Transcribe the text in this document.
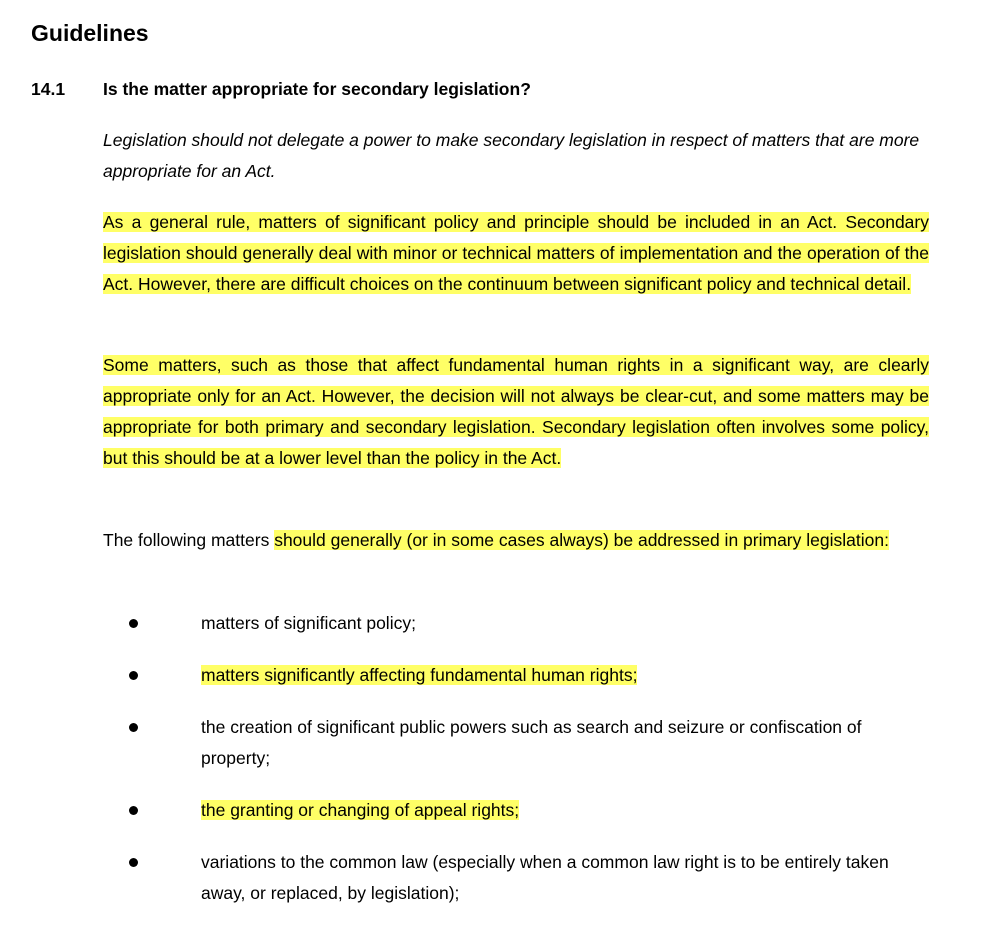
Guidelines
14.1 Is the matter appropriate for secondary legislation?

Legislation should not delegate a power to make secondary legislation in respect of matters that are more appropriate for an Act.

As a general rule, matters of significant policy and principle should be included in an Act. Secondary legislation should generally deal with minor or technical matters of implementation and the operation of the Act. However, there are difficult choices on the continuum between significant policy and technical detail.

Some matters, such as those that affect fundamental human rights in a significant way, are clearly appropriate only for an Act. However, the decision will not always be clear-cut, and some matters may be appropriate for both primary and secondary legislation. Secondary legislation often involves some policy, but this should be at a lower level than the policy in the Act.

The following matters should generally (or in some cases always) be addressed in primary legislation:

matters of significant policy;

matters significantly affecting fundamental human rights;

the creation of significant public powers such as search and seizure or confiscation of property;

the granting or changing of appeal rights;

variations to the common law (especially when a common law right is to be entirely taken away, or replaced, by legislation);
